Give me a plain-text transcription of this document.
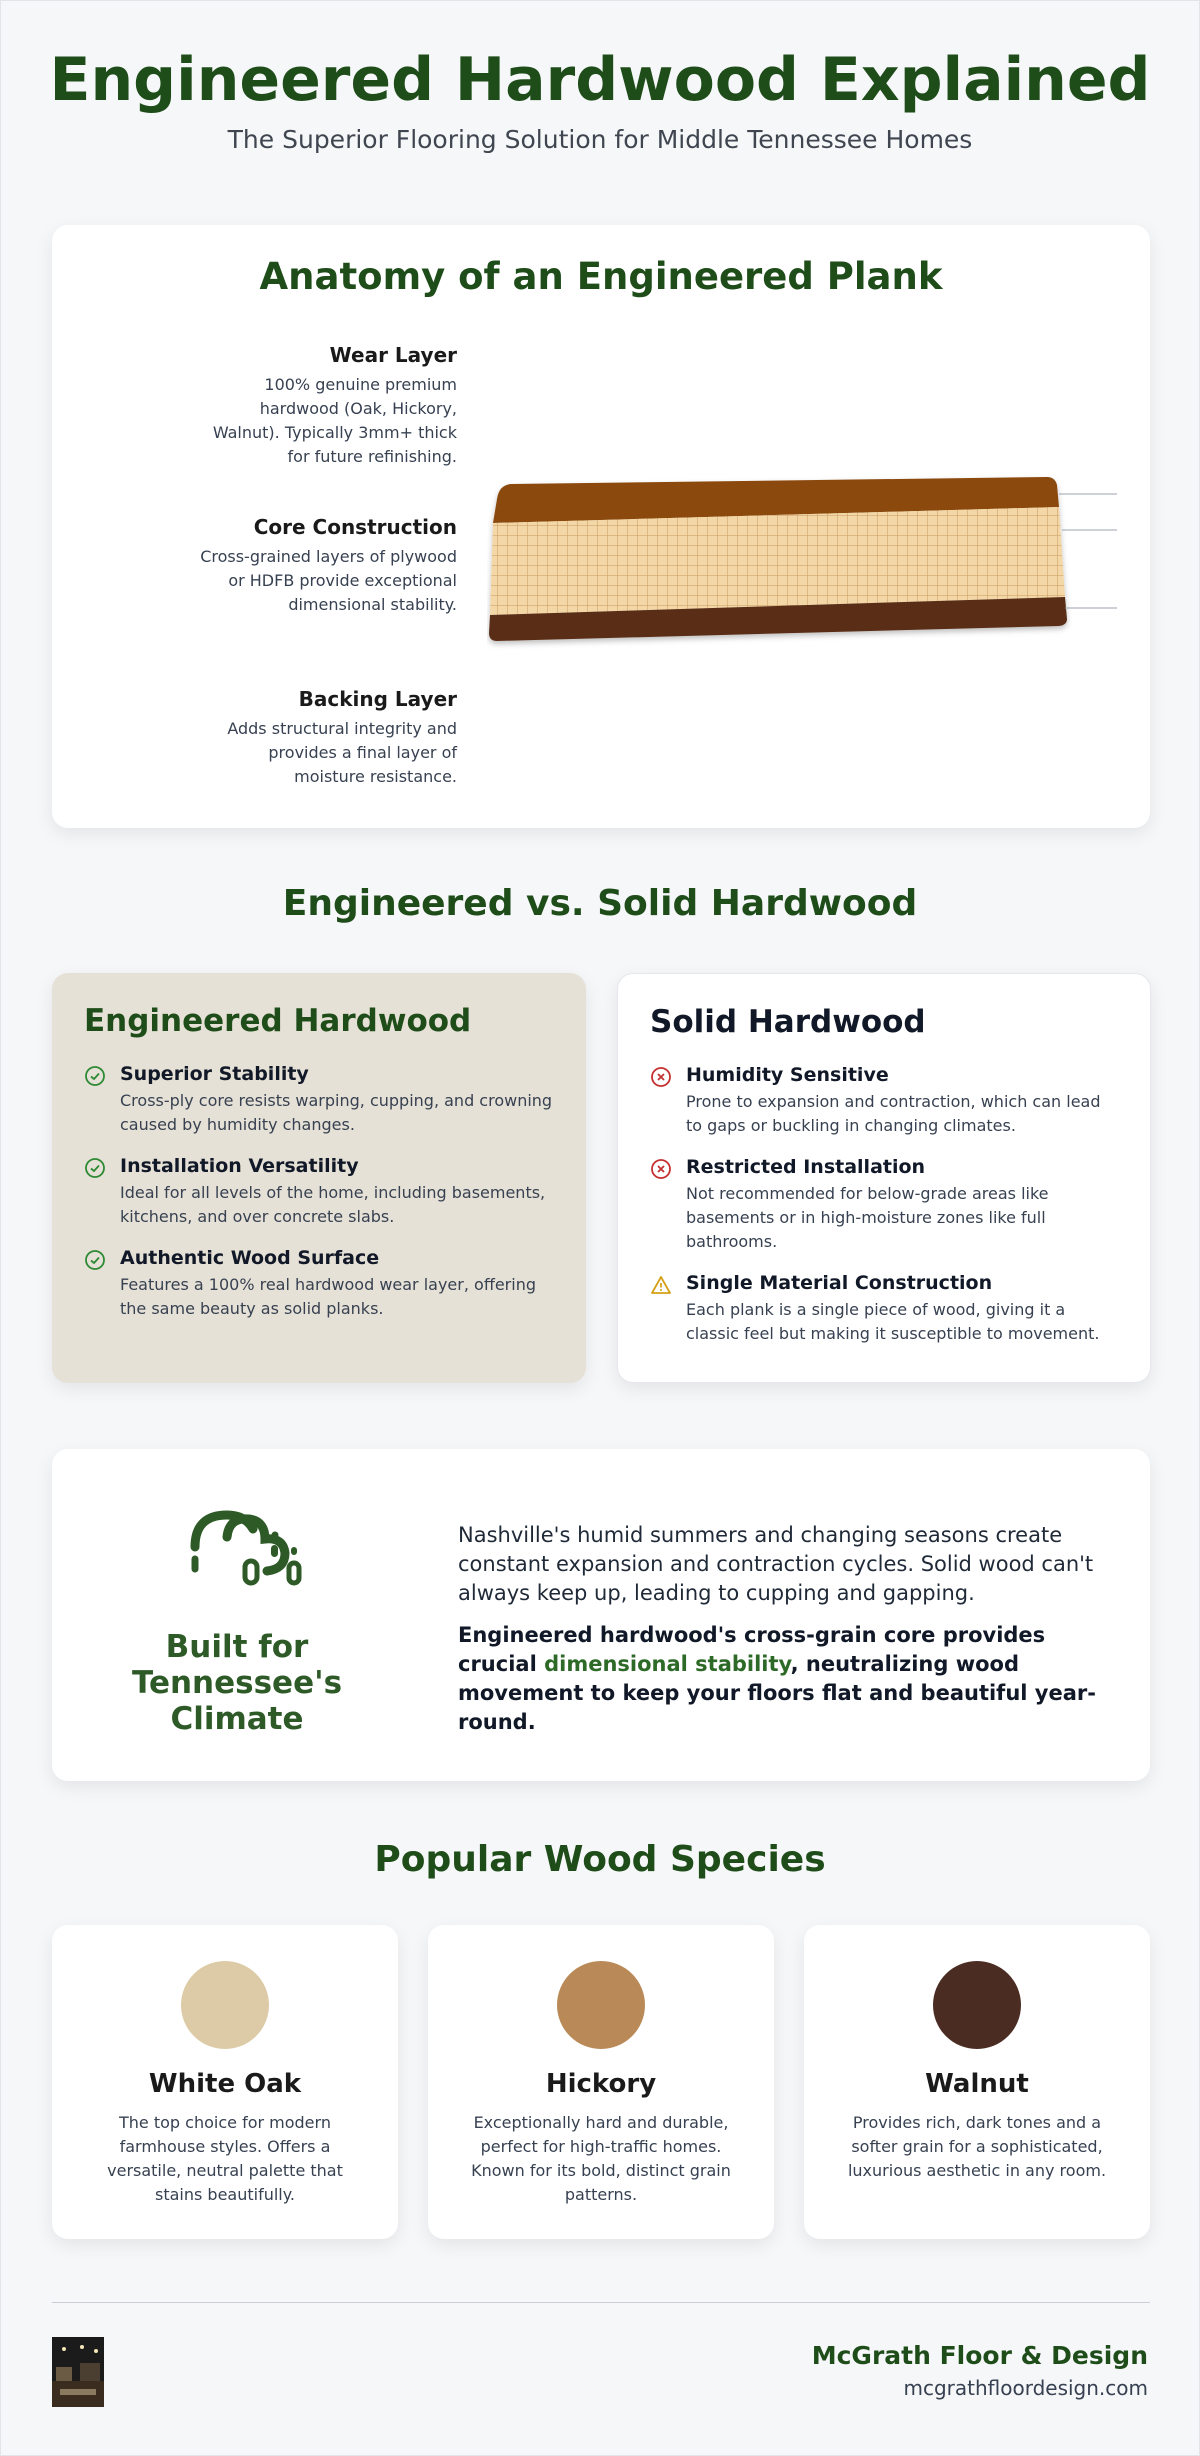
Engineered Hardwood Explained
The Superior Flooring Solution for Middle Tennessee Homes
Anatomy of an Engineered Plank
Wear Layer
100% genuine premium hardwood (Oak, Hickory, Walnut). Typically 3mm+ thick for future refinishing.
Core Construction
Cross-grained layers of plywood or HDFB provide exceptional dimensional stability.
Backing Layer
Adds structural integrity and provides a final layer of moisture resistance.
Engineered vs. Solid Hardwood
Engineered Hardwood
Superior Stability
Cross-ply core resists warping, cupping, and crowning caused by humidity changes.
Installation Versatility
Ideal for all levels of the home, including basements, kitchens, and over concrete slabs.
Authentic Wood Surface
Features a 100% real hardwood wear layer, offering the same beauty as solid planks.
Solid Hardwood
Humidity Sensitive
Prone to expansion and contraction, which can lead to gaps or buckling in changing climates.
Restricted Installation
Not recommended for below-grade areas like basements or in high-moisture zones like full bathrooms.
Single Material Construction
Each plank is a single piece of wood, giving it a classic feel but making it susceptible to movement.
Built for Tennessee's Climate
Nashville's humid summers and changing seasons create constant expansion and contraction cycles. Solid wood can't always keep up, leading to cupping and gapping.
Engineered hardwood's cross-grain core provides crucial dimensional stability, neutralizing wood movement to keep your floors flat and beautiful year-round.
Popular Wood Species
White Oak
The top choice for modern farmhouse styles. Offers a versatile, neutral palette that stains beautifully.
Hickory
Exceptionally hard and durable, perfect for high-traffic homes. Known for its bold, distinct grain patterns.
Walnut
Provides rich, dark tones and a softer grain for a sophisticated, luxurious aesthetic in any room.
McGrath Floor & Design
mcgrathfloordesign.com
